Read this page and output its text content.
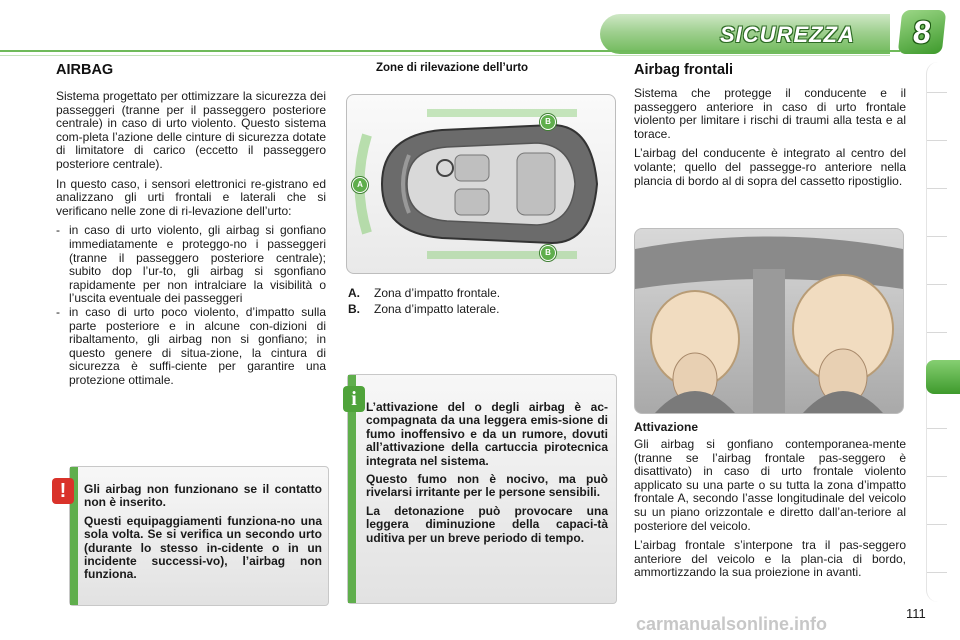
SICUREZZA	8
AIRBAG

Sistema progettato per ottimizzare la sicurezza dei passeggeri (tranne per il passeggero posteriore centrale) in caso di urto violento. Questo sistema com-pleta l’azione delle cinture di sicurezza dotate di limitatore di carico (eccetto il passeggero posteriore centrale).

In questo caso, i sensori elettronici re-gistrano ed analizzano gli urti frontali e laterali che si verificano nelle zone di ri-levazione dell’urto:

- in caso di urto violento, gli airbag si gonfiano immediatamente e proteggo-no i passeggeri (tranne il passeggero posteriore centrale); subito dop l’ur-to, gli airbag si sgonfiano rapidamente per non intralciare la visibilità o l’uscita eventuale dei passeggeri
- in caso di urto poco violento, d’impatto sulla parte posteriore e in alcune con-dizioni di ribaltamento, gli airbag non si gonfiano; in questo genere di situa-zione, la cintura di sicurezza è suffi-ciente per garantire una protezione ottimale.

Gli airbag non funzionano se il contatto non è inserito.

Questi equipaggiamenti funziona-no una sola volta. Se si verifica un secondo urto (durante lo stesso in-cidente o in un incidente successi-vo), l’airbag non funziona.

!
Zone di rilevazione dell’urto
B
A
B
A. Zona d’impatto frontale.
B. Zona d’impatto laterale.

L’attivazione del o degli airbag è ac-compagnata da una leggera emis-sione di fumo inoffensivo e da un rumore, dovuti all’attivazione della cartuccia pirotecnica integrata nel sistema.

Questo fumo non è nocivo, ma può rivelarsi irritante per le persone sensibili.

La detonazione può provocare una leggera diminuzione della capaci-tà uditiva per un breve periodo di tempo.

i
Airbag frontali

Sistema che protegge il conducente e il passeggero anteriore in caso di urto frontale violento per limitare i rischi di traumi alla testa e al torace.

L’airbag del conducente è integrato al centro del volante; quello del passegge-ro anteriore nella plancia di bordo al di sopra del cassetto ripostiglio.

Attivazione

Gli airbag si gonfiano contemporanea-mente (tranne se l’airbag frontale pas-seggero è disattivato) in caso di urto frontale violento applicato su una parte o su tutta la zona d’impatto frontale A, secondo l’asse longitudinale del veicolo su un piano orizzontale e diretto dall’an-teriore al posteriore del veicolo.

L’airbag frontale s’interpone tra il pas-seggero anteriore del veicolo e la plan-cia di bordo, ammortizzando la sua proiezione in avanti.

111
carmanualsonline.info
